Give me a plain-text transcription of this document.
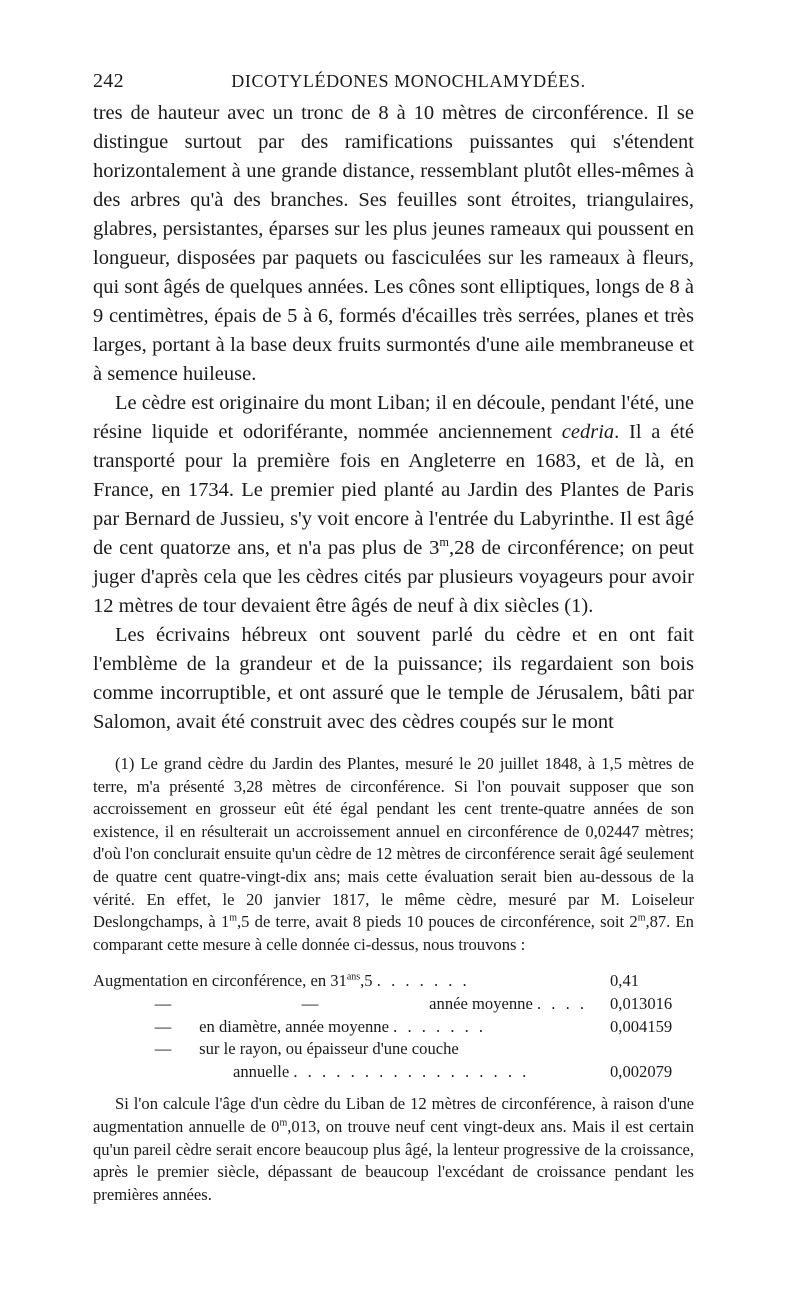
242	DICOTYLÉDONES MONOCHLAMYDÉES.

tres de hauteur avec un tronc de 8 à 10 mètres de circonférence. Il se distingue surtout par des ramifications puissantes qui s'étendent horizontalement à une grande distance, ressemblant plutôt elles-mêmes à des arbres qu'à des branches. Ses feuilles sont étroites, triangulaires, glabres, persistantes, éparses sur les plus jeunes rameaux qui poussent en longueur, disposées par paquets ou fasciculées sur les rameaux à fleurs, qui sont âgés de quelques années. Les cônes sont elliptiques, longs de 8 à 9 centimètres, épais de 5 à 6, formés d'écailles très serrées, planes et très larges, portant à la base deux fruits surmontés d'une aile membraneuse et à semence huileuse.

Le cèdre est originaire du mont Liban; il en découle, pendant l'été, une résine liquide et odoriférante, nommée anciennement cedria. Il a été transporté pour la première fois en Angleterre en 1683, et de là, en France, en 1734. Le premier pied planté au Jardin des Plantes de Paris par Bernard de Jussieu, s'y voit encore à l'entrée du Labyrinthe. Il est âgé de cent quatorze ans, et n'a pas plus de 3$^m$,28 de circonférence; on peut juger d'après cela que les cèdres cités par plusieurs voyageurs pour avoir 12 mètres de tour devaient être âgés de neuf à dix siècles (1).

Les écrivains hébreux ont souvent parlé du cèdre et en ont fait l'emblème de la grandeur et de la puissance; ils regardaient son bois comme incorruptible, et ont assuré que le temple de Jérusalem, bâti par Salomon, avait été construit avec des cèdres coupés sur le mont

(1) Le grand cèdre du Jardin des Plantes, mesuré le 20 juillet 1848, à 1,5 mètres de terre, m'a présenté 3,28 mètres de circonférence. Si l'on pouvait supposer que son accroissement en grosseur eût été égal pendant les cent trente-quatre années de son existence, il en résulterait un accroissement annuel en circonférence de 0,02447 mètres; d'où l'on conclurait ensuite qu'un cèdre de 12 mètres de circonférence serait âgé seulement de quatre cent quatre-vingt-dix ans; mais cette évaluation serait bien au-dessous de la vérité. En effet, le 20 janvier 1817, le même cèdre, mesuré par M. Loiseleur Deslongchamps, à 1$^m$,5 de terre, avait 8 pieds 10 pouces de circonférence, soit 2$^m$,87. En comparant cette mesure à celle donnée ci-dessus, nous trouvons :

Augmentation en circonférence, en $31^{ans},5$ . . . . . . .	0,41
— — année moyenne . . . .	0,013016
— en diamètre, année moyenne . . . . . . .	0,004159
— sur le rayon, ou épaisseur d'une couche	
annuelle . . . . . . . . . . . . . . . . .	0,002079

Si l'on calcule l'âge d'un cèdre du Liban de 12 mètres de circonférence, à raison d'une augmentation annuelle de 0$^m$,013, on trouve neuf cent vingt-deux ans. Mais il est certain qu'un pareil cèdre serait encore beaucoup plus âgé, la lenteur progressive de la croissance, après le premier siècle, dépassant de beaucoup l'excédant de croissance pendant les premières années.
